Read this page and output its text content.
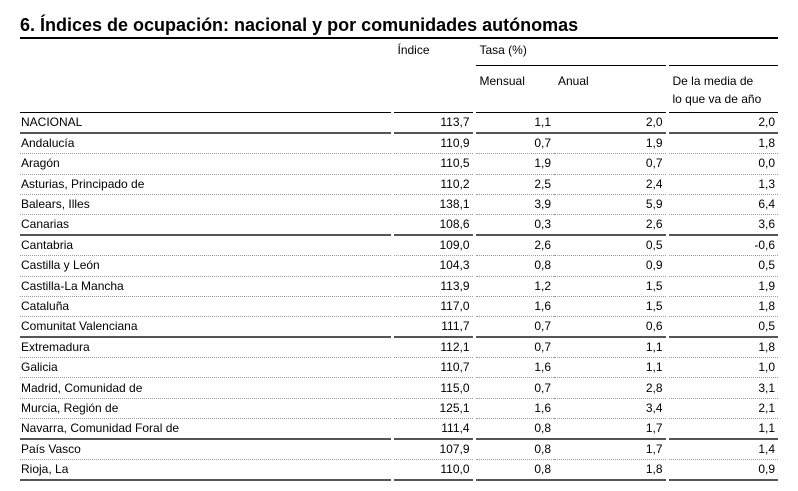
6. Índices de ocupación: nacional y por comunidades autónomas
	Índice	Tasa (%)		
		Mensual	Anual	De la media de
lo que va de año
NACIONAL	113,7	1,1	2,0	2,0
Andalucía	110,9	0,7	1,9	1,8
Aragón	110,5	1,9	0,7	0,0
Asturias, Principado de	110,2	2,5	2,4	1,3
Balears, Illes	138,1	3,9	5,9	6,4
Canarias	108,6	0,3	2,6	3,6
Cantabria	109,0	2,6	0,5	-0,6
Castilla y León	104,3	0,8	0,9	0,5
Castilla-La Mancha	113,9	1,2	1,5	1,9
Cataluña	117,0	1,6	1,5	1,8
Comunitat Valenciana	111,7	0,7	0,6	0,5
Extremadura	112,1	0,7	1,1	1,8
Galicia	110,7	1,6	1,1	1,0
Madrid, Comunidad de	115,0	0,7	2,8	3,1
Murcia, Región de	125,1	1,6	3,4	2,1
Navarra, Comunidad Foral de	111,4	0,8	1,7	1,1
País Vasco	107,9	0,8	1,7	1,4
Rioja, La	110,0	0,8	1,8	0,9
